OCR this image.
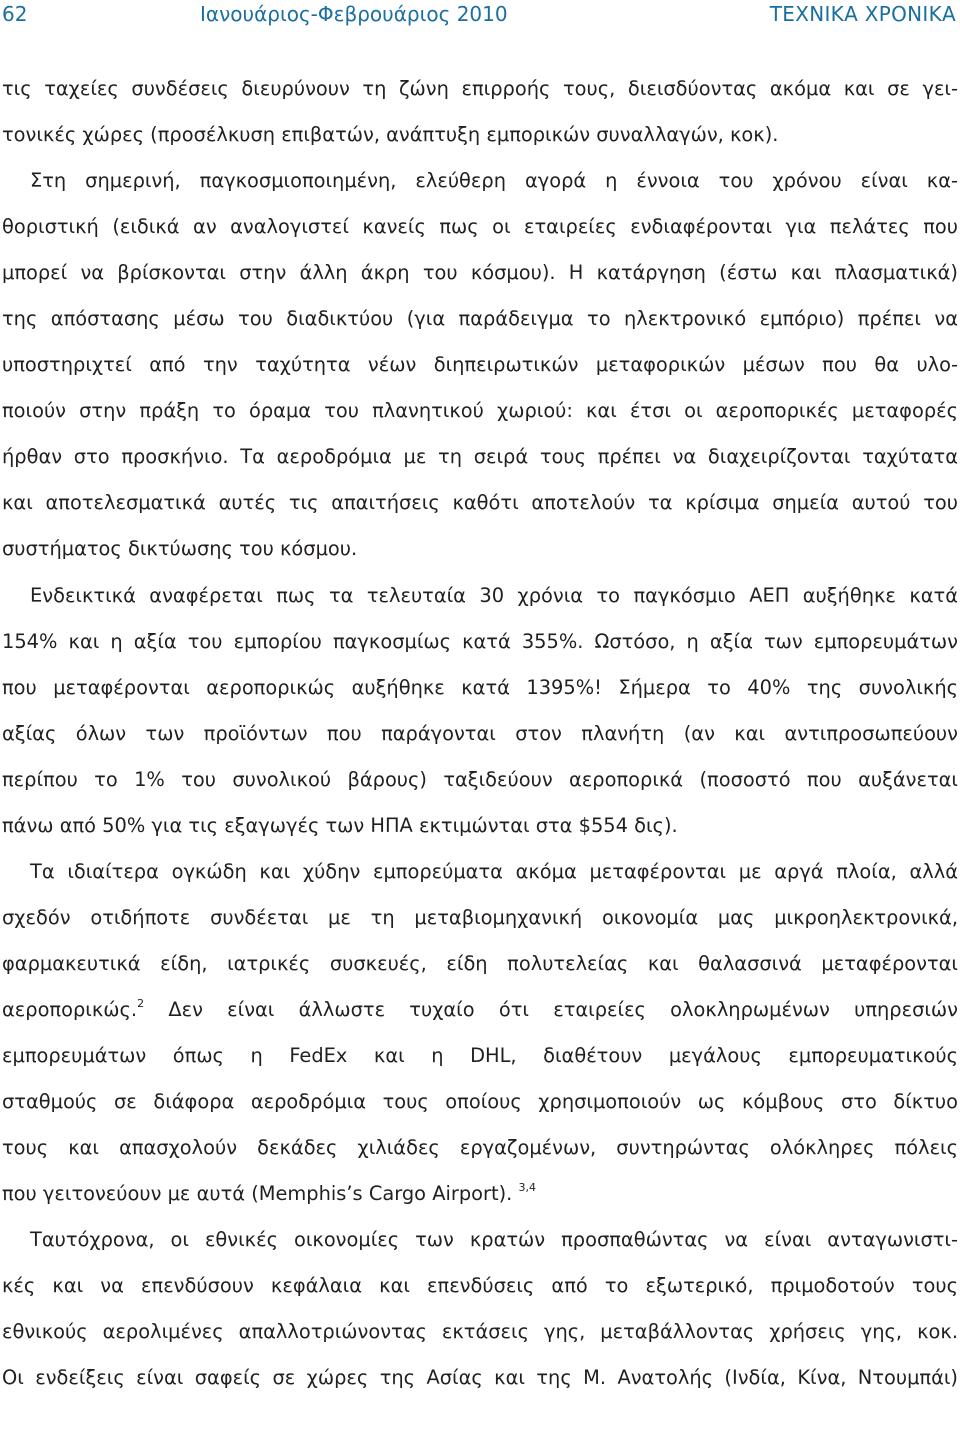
62	Ιανουάριος-Φεβρουάριος 2010	ΤΕΧΝΙΚΑ ΧΡΟΝΙΚΑ
τις ταχείες συνδέσεις διευρύνουν τη ζώνη επιρροής τους, διεισδύοντας ακόμα και σε γει-
τονικές χώρες (προσέλκυση επιβατών, ανάπτυξη εμπορικών συναλλαγών, κοκ).
Στη σημερινή, παγκοσμιοποιημένη, ελεύθερη αγορά η έννοια του χρόνου είναι κα-
θοριστική (ειδικά αν αναλογιστεί κανείς πως οι εταιρείες ενδιαφέρονται για πελάτες που
μπορεί να βρίσκονται στην άλλη άκρη του κόσμου). Η κατάργηση (έστω και πλασματικά)
της απόστασης μέσω του διαδικτύου (για παράδειγμα το ηλεκτρονικό εμπόριο) πρέπει να
υποστηριχτεί από την ταχύτητα νέων διηπειρωτικών μεταφορικών μέσων που θα υλο-
ποιούν στην πράξη το όραμα του πλανητικού χωριού: και έτσι οι αεροπορικές μεταφορές
ήρθαν στο προσκήνιο. Τα αεροδρόμια με τη σειρά τους πρέπει να διαχειρίζονται ταχύτατα
και αποτελεσματικά αυτές τις απαιτήσεις καθότι αποτελούν τα κρίσιμα σημεία αυτού του
συστήματος δικτύωσης του κόσμου.
Ενδεικτικά αναφέρεται πως τα τελευταία 30 χρόνια το παγκόσμιο ΑΕΠ αυξήθηκε κατά
154% και η αξία του εμπορίου παγκοσμίως κατά 355%. Ωστόσο, η αξία των εμπορευμάτων
που μεταφέρονται αεροπορικώς αυξήθηκε κατά 1395%! Σήμερα το 40% της συνολικής
αξίας όλων των προϊόντων που παράγονται στον πλανήτη (αν και αντιπροσωπεύουν
περίπου το 1% του συνολικού βάρους) ταξιδεύουν αεροπορικά (ποσοστό που αυξάνεται
πάνω από 50% για τις εξαγωγές των ΗΠΑ εκτιμώνται στα $554 δις).
Τα ιδιαίτερα ογκώδη και χύδην εμπορεύματα ακόμα μεταφέρονται με αργά πλοία, αλλά
σχεδόν οτιδήποτε συνδέεται με τη μεταβιομηχανική οικονομία μας μικροηλεκτρονικά,
φαρμακευτικά είδη, ιατρικές συσκευές, είδη πολυτελείας και θαλασσινά μεταφέρονται
αεροπορικώς.$^2$ Δεν είναι άλλωστε τυχαίο ότι εταιρείες ολοκληρωμένων υπηρεσιών
εμπορευμάτων όπως η FedEx και η DHL, διαθέτουν μεγάλους εμπορευματικούς
σταθμούς σε διάφορα αεροδρόμια τους οποίους χρησιμοποιούν ως κόμβους στο δίκτυο
τους και απασχολούν δεκάδες χιλιάδες εργαζομένων, συντηρώντας ολόκληρες πόλεις
που γειτονεύουν με αυτά (Memphis’s Cargo Airport). $^{3,4}$
Ταυτόχρονα, οι εθνικές οικονομίες των κρατών προσπαθώντας να είναι ανταγωνιστι-
κές και να επενδύσουν κεφάλαια και επενδύσεις από το εξωτερικό, πριμοδοτούν τους
εθνικούς αερολιμένες απαλλοτριώνοντας εκτάσεις γης, μεταβάλλοντας χρήσεις γης, κοκ.
Οι ενδείξεις είναι σαφείς σε χώρες της Ασίας και της Μ. Ανατολής (Ινδία, Κίνα, Ντουμπάι)
